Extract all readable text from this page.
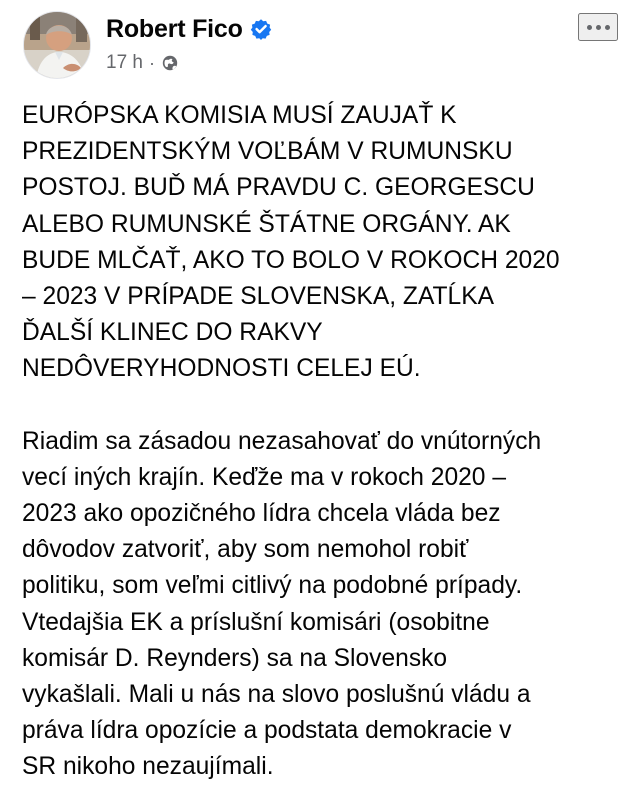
Robert Fico
17 h ·
EURÓPSKA KOMISIA MUSÍ ZAUJAŤ K
PREZIDENTSKÝM VOĽBÁM V RUMUNSKU
POSTOJ. BUĎ MÁ PRAVDU C. GEORGESCU
ALEBO RUMUNSKÉ ŠTÁTNE ORGÁNY. AK
BUDE MLČAŤ, AKO TO BOLO V ROKOCH 2020
– 2023 V PRÍPADE SLOVENSKA, ZATĹKA
ĎALŠÍ KLINEC DO RAKVY
NEDÔVERYHODNOSTI CELEJ EÚ.
Riadim sa zásadou nezasahovať do vnútorných
vecí iných krajín. Keďže ma v rokoch 2020 –
2023 ako opozičného lídra chcela vláda bez
dôvodov zatvoriť, aby som nemohol robiť
politiku, som veľmi citlivý na podobné prípady.
Vtedajšia EK a príslušní komisári (osobitne
komisár D. Reynders) sa na Slovensko
vykašlali. Mali u nás na slovo poslušnú vládu a
práva lídra opozície a podstata demokracie v
SR nikoho nezaujímali.
